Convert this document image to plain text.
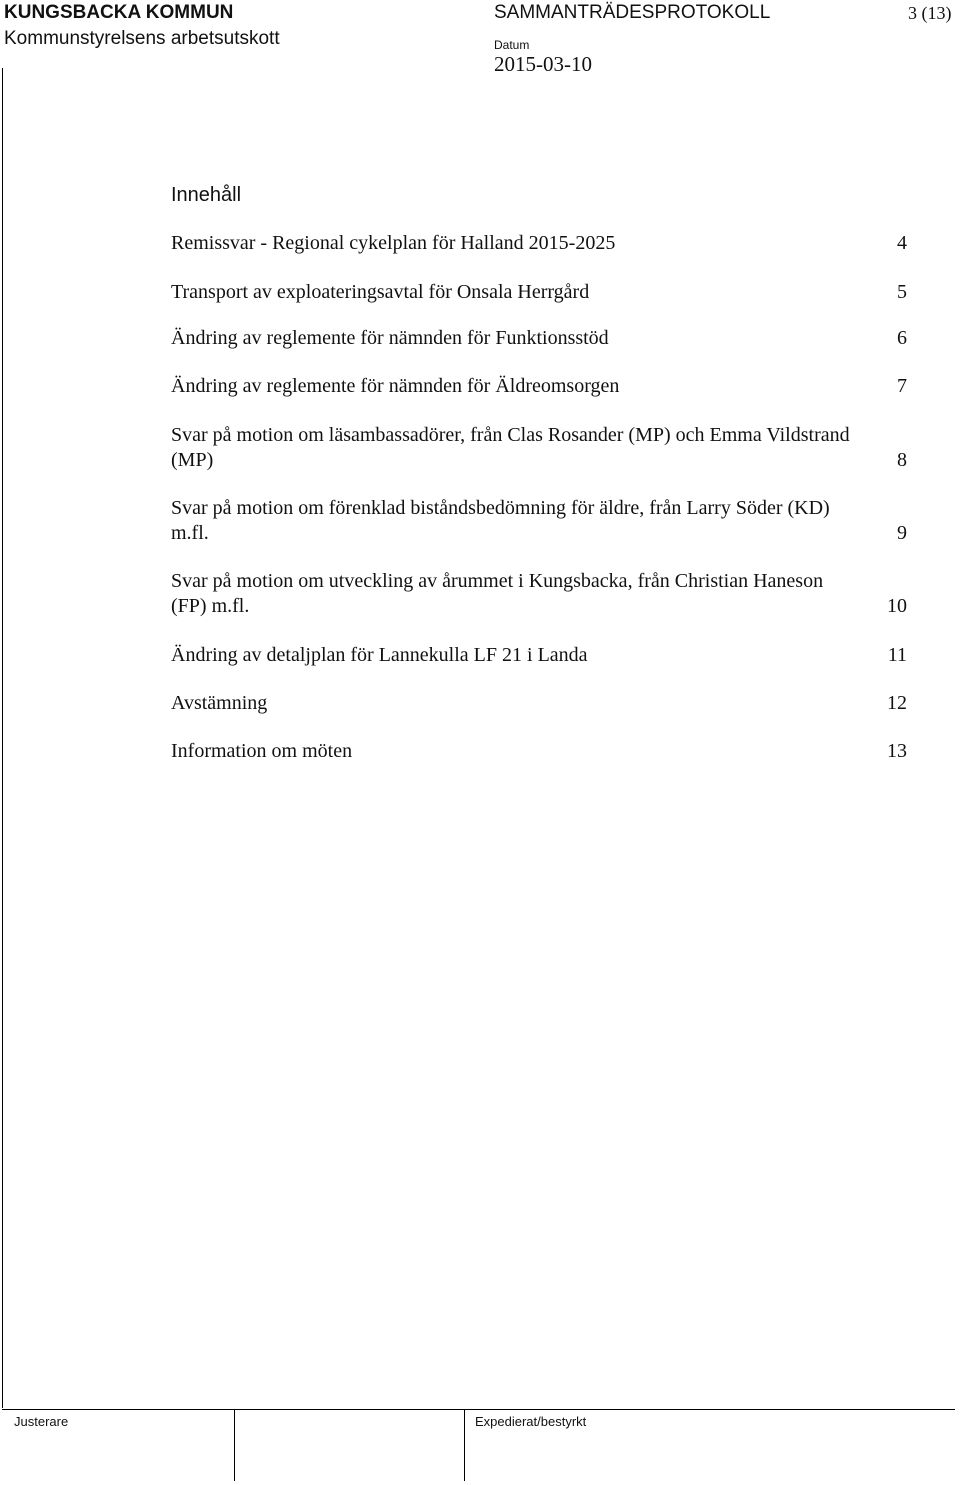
KUNGSBACKA KOMMUN
Kommunstyrelsens arbetsutskott
SAMMANTRÄDESPROTOKOLL	3 (13)
Datum
2015-03-10
Innehåll
Remissvar - Regional cykelplan för Halland 2015-2025	4
Transport av exploateringsavtal för Onsala Herrgård	5
Ändring av reglemente för nämnden för Funktionsstöd	6
Ändring av reglemente för nämnden för Äldreomsorgen	7
Svar på motion om läsambassadörer, från Clas Rosander (MP) och Emma Vildstrand (MP)	8
Svar på motion om förenklad biståndsbedömning för äldre, från Larry Söder (KD) m.fl.	9
Svar på motion om utveckling av årummet i Kungsbacka, från Christian Haneson (FP) m.fl.	10
Ändring av detaljplan för Lannekulla LF 21 i Landa	11
Avstämning	12
Information om möten	13
Justerare	Expedierat/bestyrkt
